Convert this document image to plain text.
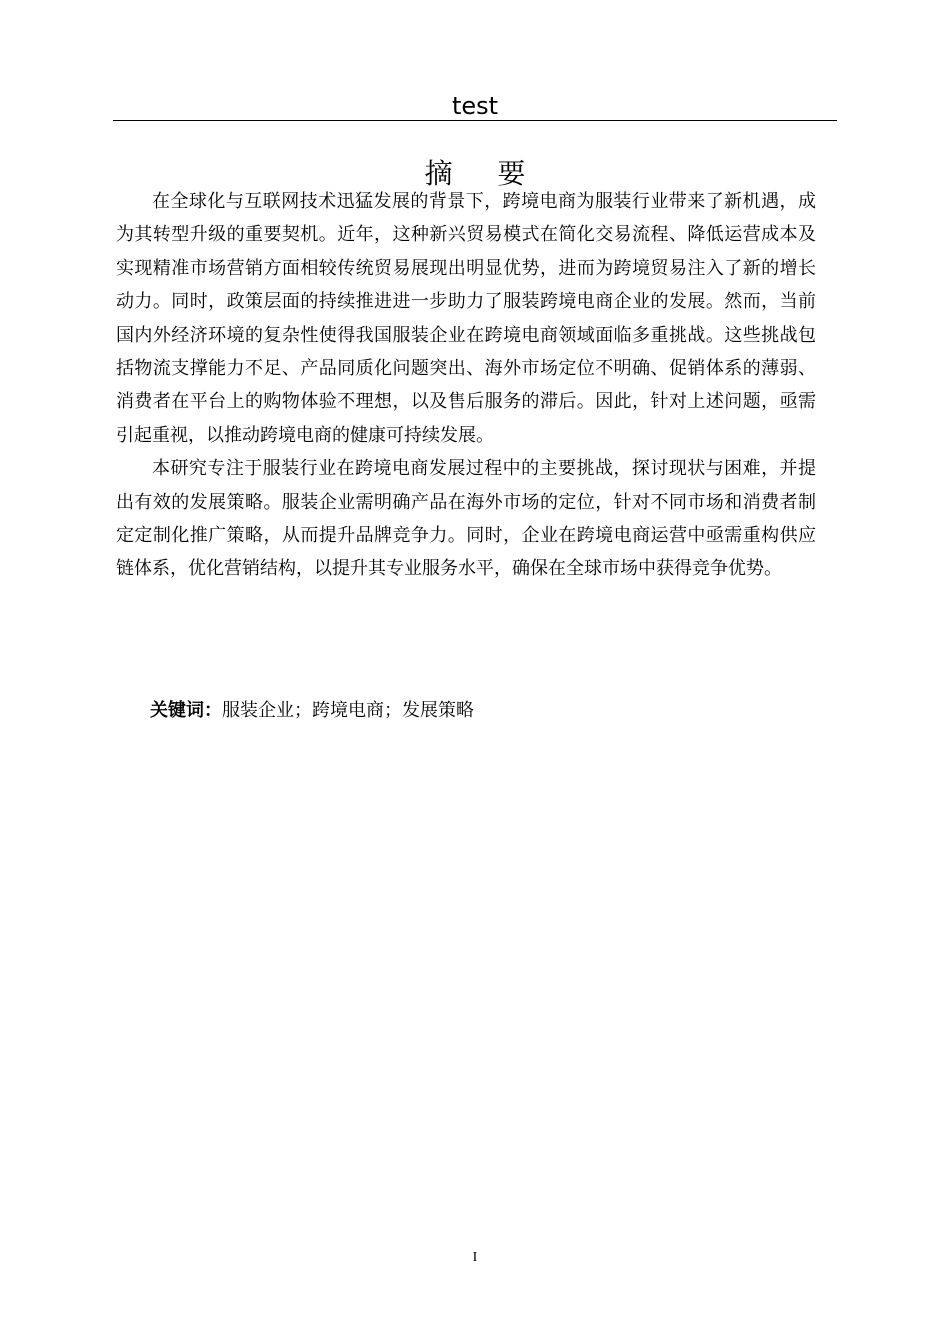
test
摘要

在全球化与互联网技术迅猛发展的背景下，跨境电商为服装行业带来了新机遇，成为其转型升级的重要契机。近年，这种新兴贸易模式在简化交易流程、降低运营成本及实现精准市场营销方面相较传统贸易展现出明显优势，进而为跨境贸易注入了新的增长动力。同时，政策层面的持续推进进一步助力了服装跨境电商企业的发展。然而，当前国内外经济环境的复杂性使得我国服装企业在跨境电商领域面临多重挑战。这些挑战包括物流支撑能力不足、产品同质化问题突出、海外市场定位不明确、促销体系的薄弱、消费者在平台上的购物体验不理想，以及售后服务的滞后。因此，针对上述问题，亟需引起重视，以推动跨境电商的健康可持续发展。

本研究专注于服装行业在跨境电商发展过程中的主要挑战，探讨现状与困难，并提出有效的发展策略。服装企业需明确产品在海外市场的定位，针对不同市场和消费者制定定制化推广策略，从而提升品牌竞争力。同时，企业在跨境电商运营中亟需重构供应链体系，优化营销结构，以提升其专业服务水平，确保在全球市场中获得竞争优势。

关键词：服装企业；跨境电商；发展策略
I
